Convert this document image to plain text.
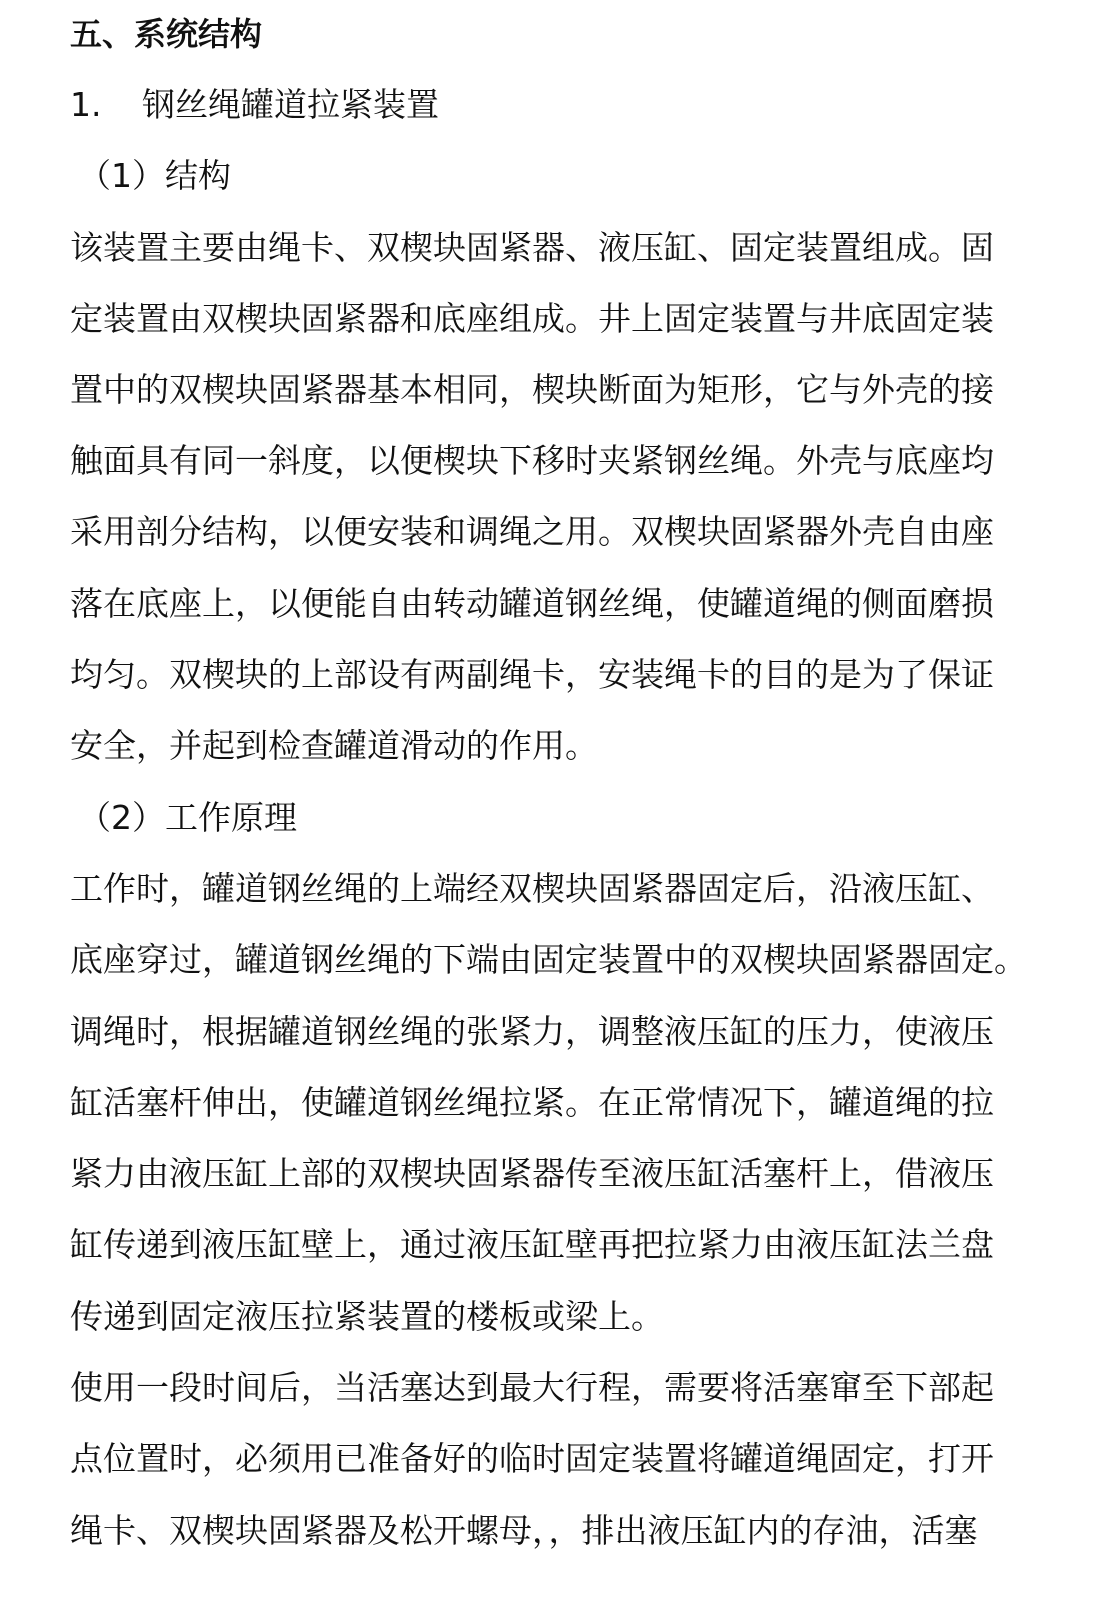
五、系统结构
1. 钢丝绳罐道拉紧装置
（1）结构
该装置主要由绳卡、双楔块固紧器、液压缸、固定装置组成。固
定装置由双楔块固紧器和底座组成。井上固定装置与井底固定装
置中的双楔块固紧器基本相同，楔块断面为矩形，它与外壳的接
触面具有同一斜度，以便楔块下移时夹紧钢丝绳。外壳与底座均
采用剖分结构，以便安装和调绳之用。双楔块固紧器外壳自由座
落在底座上，以便能自由转动罐道钢丝绳，使罐道绳的侧面磨损
均匀。双楔块的上部设有两副绳卡，安装绳卡的目的是为了保证
安全，并起到检查罐道滑动的作用。
（2）工作原理
工作时，罐道钢丝绳的上端经双楔块固紧器固定后，沿液压缸、
底座穿过，罐道钢丝绳的下端由固定装置中的双楔块固紧器固定。
调绳时，根据罐道钢丝绳的张紧力，调整液压缸的压力，使液压
缸活塞杆伸出，使罐道钢丝绳拉紧。在正常情况下，罐道绳的拉
紧力由液压缸上部的双楔块固紧器传至液压缸活塞杆上，借液压
缸传递到液压缸壁上，通过液压缸壁再把拉紧力由液压缸法兰盘
传递到固定液压拉紧装置的楼板或梁上。
使用一段时间后，当活塞达到最大行程，需要将活塞窜至下部起
点位置时，必须用已准备好的临时固定装置将罐道绳固定，打开
绳卡、双楔块固紧器及松开螺母，，排出液压缸内的存油，活塞
